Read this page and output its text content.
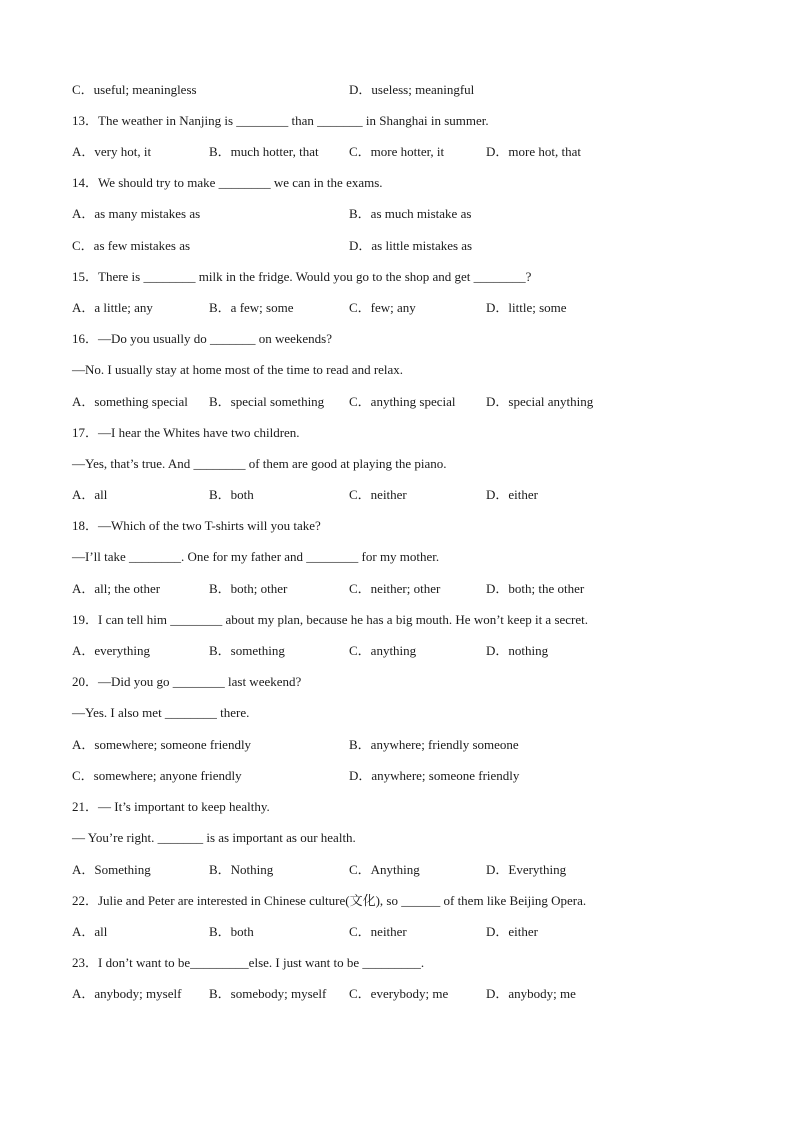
C．useful; meaningless	D．useless; meaningful
13．The weather in Nanjing is ________ than _______ in Shanghai in summer.
A．very hot, it	B．much hotter, that C．more hotter, it	D．more hot, that
14．We should try to make ________ we can in the exams.
A．as many mistakes as	B．as much mistake as
C．as few mistakes as	D．as little mistakes as
15．There is ________ milk in the fridge. Would you go to the shop and get ________?
A．a little; any	B．a few; some	C．few; any	D．little; some
16．—Do you usually do _______ on weekends?
—No. I usually stay at home most of the time to read and relax.
A．something special B．special something C．anything special D．special anything
17．—I hear the Whites have two children.
—Yes, that’s true. And ________ of them are good at playing the piano.
A．all	B．both	C．neither	D．either
18．—Which of the two T-shirts will you take?
—I’ll take ________. One for my father and ________ for my mother.
A．all; the other	B．both; other	C．neither; other	D．both; the other
19．I can tell him ________ about my plan, because he has a big mouth. He won’t keep it a secret.
A．everything	B．something	C．anything	D．nothing
20．—Did you go ________ last weekend?
—Yes. I also met ________ there.
A．somewhere; someone friendly	B．anywhere; friendly someone
C．somewhere; anyone friendly	D．anywhere; someone friendly
21．— It’s important to keep healthy.
— You’re right. _______ is as important as our health.
A．Something	B．Nothing	C．Anything	D．Everything
22．Julie and Peter are interested in Chinese culture(文化), so ______ of them like Beijing Opera.
A．all	B．both	C．neither	D．either
23．I don’t want to be_________else. I just want to be _________.
A．anybody; myself B．somebody; myself C．everybody; me	D．anybody; me
